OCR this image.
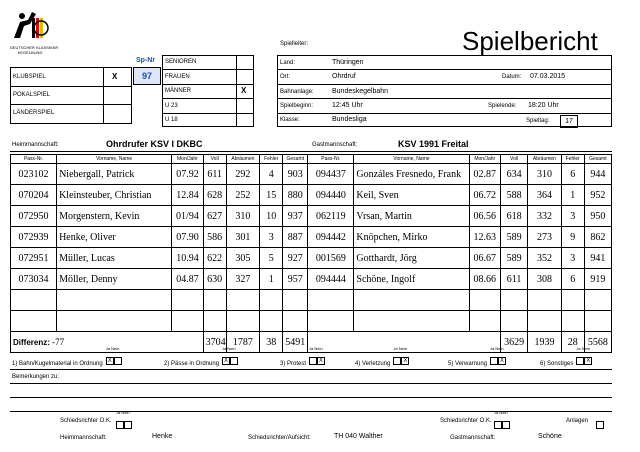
DEUTSCHER KLASSIKER
KEGELBUND	Spielbericht
Spielleiter:
Sp-Nr
97
KLUBSPIEL	X
POKALSPIEL
LÄNDERSPIEL
SENIOREN
FRAUEN
MÄNNER	X
U 23
U 18
Land:	Thüringen
Ort:	Ohrdruf	Datum: 07.03.2015
Bahnanlage:	Bundeskegelbahn
Spielbeginn:	12:45 Uhr	Spielende: 18:20 Uhr
Klasse:	Bundesliga	Spieltag:	17
Heimmannschaft:	Ohrdrufer KSV I DKBC	Gastmannschaft:	KSV 1991 Freital
Pass-Nr.	Vorname, Name	Mon/Jahr	Voll	Abräumen	Fehler	Gesamt	Pass-Nr.	Vorname, Name	Mon/Jahr	Voll	Abräumen	Fehler	Gesamt
023102	Niebergall, Patrick	07.92	611	292	4	903	094437	Gonzáles Fresnedo, Frank	02.87	634	310	6	944
070204	Kleinsteuber, Christian	12.84	628	252	15	880	094440	Keil, Sven	06.72	588	364	1	952
072950	Morgenstern, Kevin	01/94	627	310	10	937	062119	Vrsan, Martin	06.56	618	332	3	950
072939	Henke, Oliver	07.90	586	301	3	887	094442	Knöpchen, Mirko	12.63	589	273	9	862
072951	Müller, Lucas	10.94	622	305	5	927	001569	Gotthardt, Jörg	06.67	589	352	3	941
073034	Möller, Denny	04.87	630	327	1	957	094444	Schöne, Ingolf	08.66	611	308	6	919

Differenz: -77			3704	1787	38	5491				3629	1939	28	5568
1) Bahn/Kugelmaterial in Ordnung
Ja Nein
X
2) Pässe in Ordnung
Ja Nein
X
3) Protest
Ja Nein
X
4) Verletzung
Ja Nein
X
5) Verwarnung
Ja Nein
X
6) Sonstiges
Ja Nein
X
Bemerkungen zu:
Schiedsrichter O.K.
Ja Nein
Schiedsrichter O.K.
Ja Nein
Anlagen
Heimmannschaft:	Henke	Schiedsrichter/Aufsicht:	TH 040 Walther	Gastmannschaft:	Schöne
